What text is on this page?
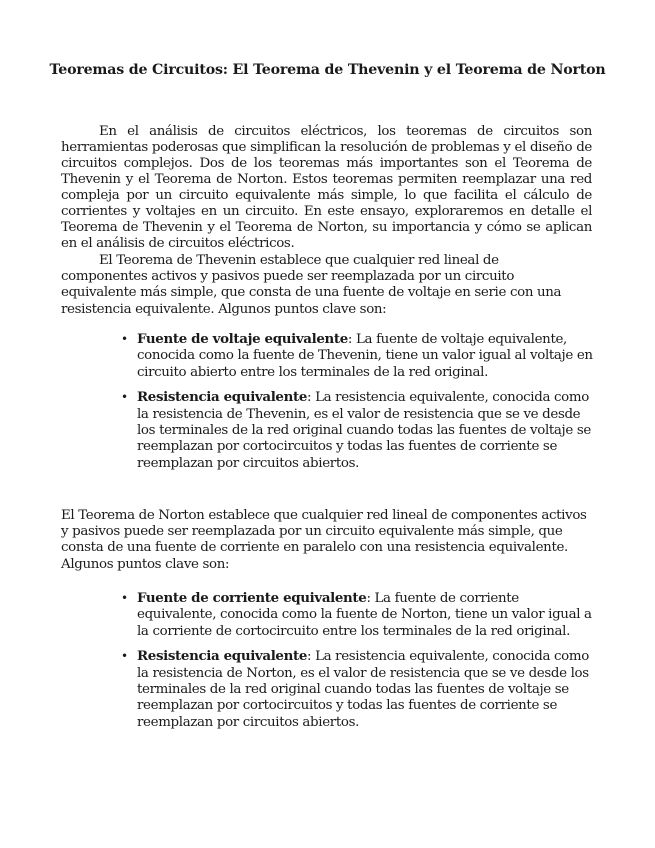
Teoremas de Circuitos: El Teorema de Thevenin y el Teorema de Norton

En el análisis de circuitos eléctricos, los teoremas de circuitos son herramientas poderosas que simplifican la resolución de problemas y el diseño de circuitos complejos. Dos de los teoremas más importantes son el Teorema de Thevenin y el Teorema de Norton. Estos teoremas permiten reemplazar una red compleja por un circuito equivalente más simple, lo que facilita el cálculo de corrientes y voltajes en un circuito. En este ensayo, exploraremos en detalle el Teorema de Thevenin y el Teorema de Norton, su importancia y cómo se aplican en el análisis de circuitos eléctricos.

El Teorema de Thevenin establece que cualquier red lineal de componentes activos y pasivos puede ser reemplazada por un circuito equivalente más simple, que consta de una fuente de voltaje en serie con una resistencia equivalente. Algunos puntos clave son:

• Fuente de voltaje equivalente: La fuente de voltaje equivalente, conocida como la fuente de Thevenin, tiene un valor igual al voltaje en circuito abierto entre los terminales de la red original.
• Resistencia equivalente: La resistencia equivalente, conocida como la resistencia de Thevenin, es el valor de resistencia que se ve desde los terminales de la red original cuando todas las fuentes de voltaje se reemplazan por cortocircuitos y todas las fuentes de corriente se reemplazan por circuitos abiertos.

El Teorema de Norton establece que cualquier red lineal de componentes activos y pasivos puede ser reemplazada por un circuito equivalente más simple, que consta de una fuente de corriente en paralelo con una resistencia equivalente. Algunos puntos clave son:

• Fuente de corriente equivalente: La fuente de corriente equivalente, conocida como la fuente de Norton, tiene un valor igual a la corriente de cortocircuito entre los terminales de la red original.
• Resistencia equivalente: La resistencia equivalente, conocida como la resistencia de Norton, es el valor de resistencia que se ve desde los terminales de la red original cuando todas las fuentes de voltaje se reemplazan por cortocircuitos y todas las fuentes de corriente se reemplazan por circuitos abiertos.
